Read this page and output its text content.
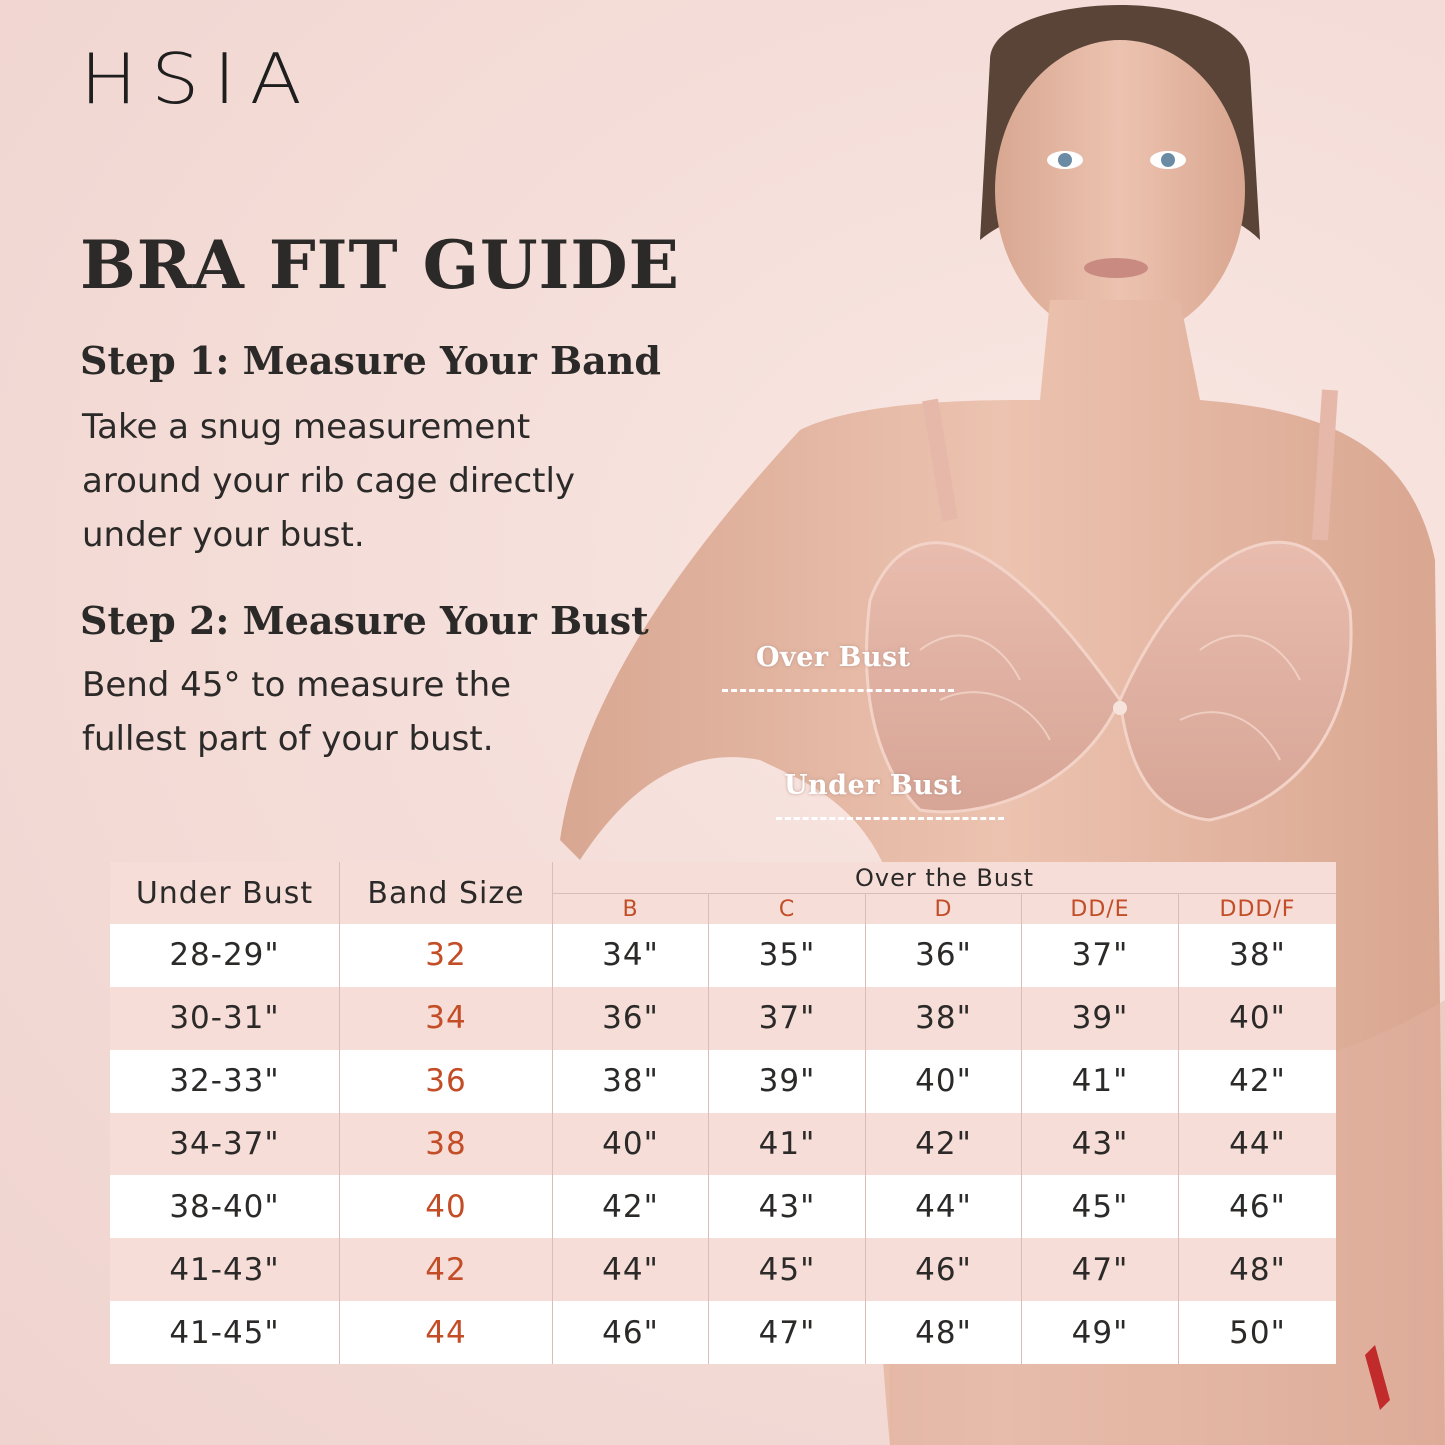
HSIA
BRA FIT GUIDE
Step 1: Measure Your Band
Take a snug measurement around your rib cage directly under your bust.
Step 2: Measure Your Bust
Bend 45° to measure the fullest part of your bust.
Over Bust
Under Bust
Under Bust	Band Size	Over the Bust
B	C	D	DD/E	DDD/F
28-29"	32	34"	35"	36"	37"	38"
30-31"	34	36"	37"	38"	39"	40"
32-33"	36	38"	39"	40"	41"	42"
34-37"	38	40"	41"	42"	43"	44"
38-40"	40	42"	43"	44"	45"	46"
41-43"	42	44"	45"	46"	47"	48"
41-45"	44	46"	47"	48"	49"	50"
